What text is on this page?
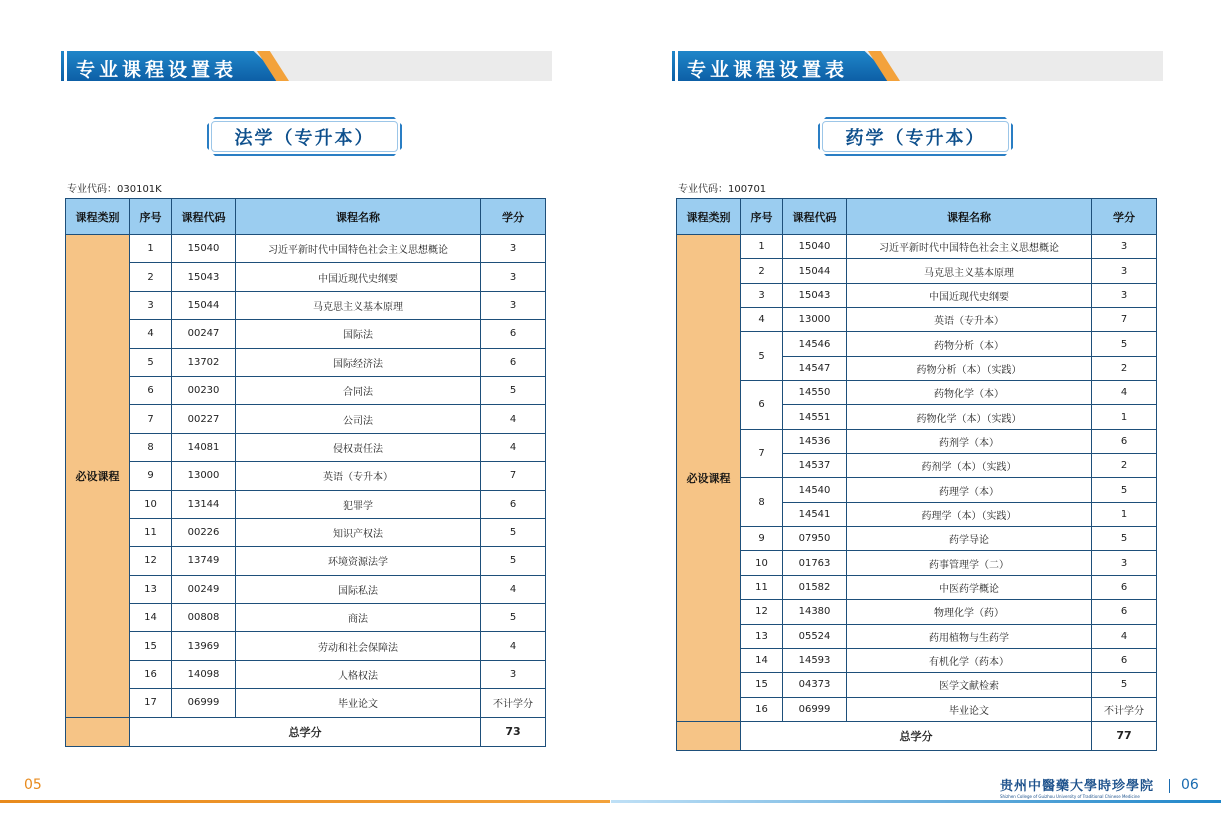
专业课程设置表
法学（专升本）
专业代码：030101K
课程类别	序号	课程代码	课程名称	学分
必设课程	1	15040	习近平新时代中国特色社会主义思想概论	3
	2	15043	中国近现代史纲要	3
	3	15044	马克思主义基本原理	3
	4	00247	国际法	6
	5	13702	国际经济法	6
	6	00230	合同法	5
	7	00227	公司法	4
	8	14081	侵权责任法	4
	9	13000	英语（专升本）	7
	10	13144	犯罪学	6
	11	00226	知识产权法	5
	12	13749	环境资源法学	5
	13	00249	国际私法	4
	14	00808	商法	5
	15	13969	劳动和社会保障法	4
	16	14098	人格权法	3
	17	06999	毕业论文	不计学分
	总学分			73
05
专业课程设置表
药学（专升本）
专业代码：100701
课程类别	序号	课程代码	课程名称	学分
必设课程	1	15040	习近平新时代中国特色社会主义思想概论	3
	2	15044	马克思主义基本原理	3
	3	15043	中国近现代史纲要	3
	4	13000	英语（专升本）	7
	5	14546	药物分析（本）	5
		14547	药物分析（本）（实践）	2
	6	14550	药物化学（本）	4
		14551	药物化学（本）（实践）	1
	7	14536	药剂学（本）	6
		14537	药剂学（本）（实践）	2
	8	14540	药理学（本）	5
		14541	药理学（本）（实践）	1
	9	07950	药学导论	5
	10	01763	药事管理学（二）	3
	11	01582	中医药学概论	6
	12	14380	物理化学（药）	6
	13	05524	药用植物与生药学	4
	14	14593	有机化学（药本）	6
	15	04373	医学文献检索	5
	16	06999	毕业论文	不计学分
	总学分			77
贵州中醫藥大學時珍學院
Shizhen College of Guizhou University of Traditional Chinese Medicine
06
